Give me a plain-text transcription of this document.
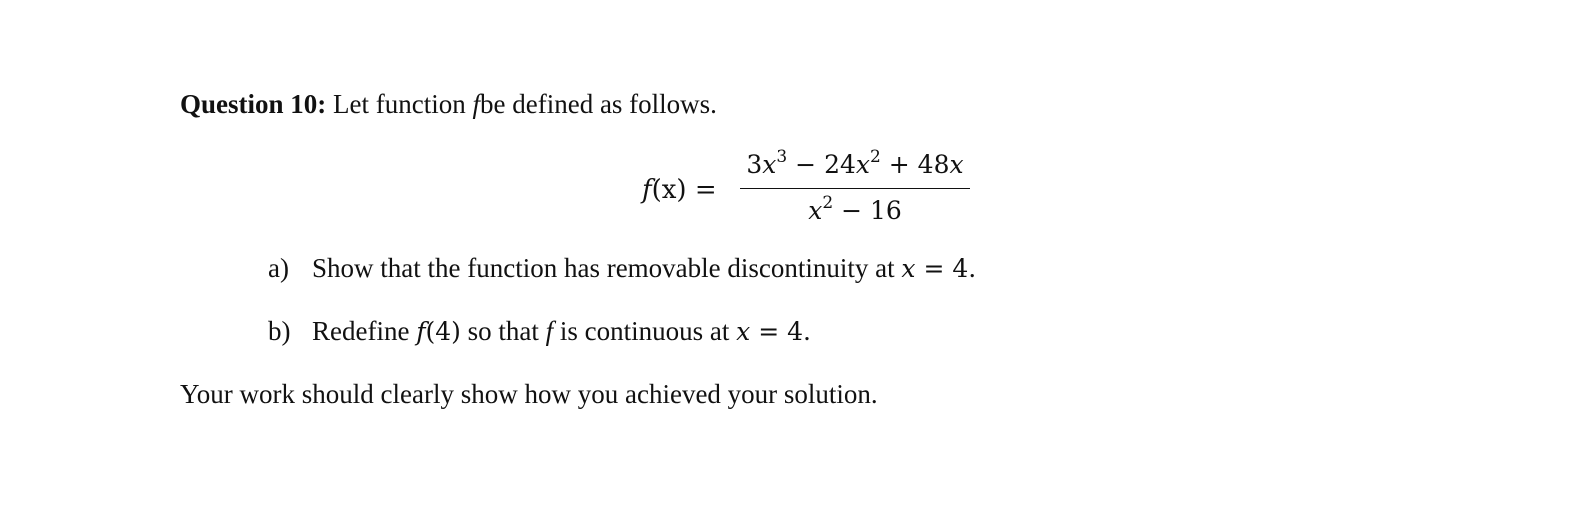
Question 10: Let function fbe defined as follows.
f(x) =
$3x^3 - 24x^2 + 48x$
$x^2 - 16$
a) Show that the function has removable discontinuity at x = 4.
b) Redefine f(4) so that f is continuous at x = 4.
Your work should clearly show how you achieved your solution.
